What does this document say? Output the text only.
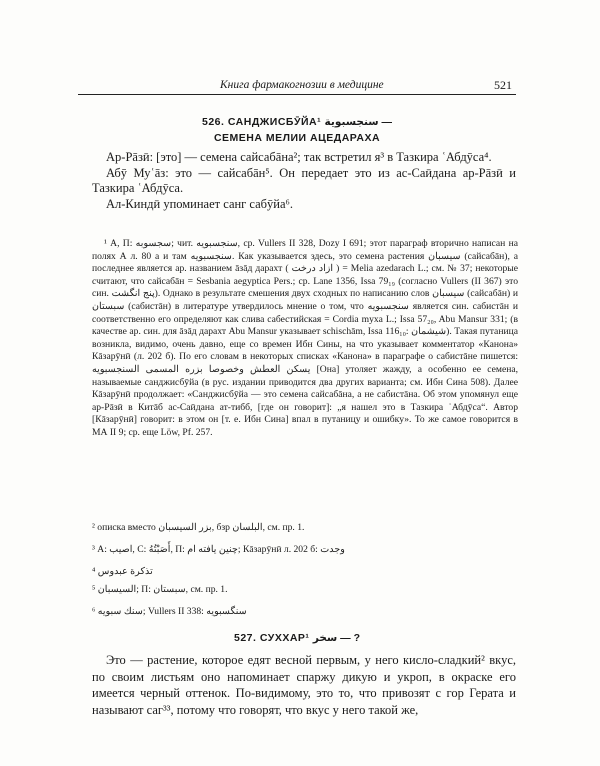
Книга фармакогнозии в медицине	521
526. САНДЖИСБӮЙА¹ سنجسبوية —
СЕМЕНА МЕЛИИ АЦЕДАРАХА

Ар-Рāзӣ: [это] — семена сайсабāна²; так встретил я³ в Тазкира ʿАбдӯса⁴.

Абӯ Муʿāз: это — сайсабāн⁵. Он передает это из ас-Саӣдана ар-Рāзӣ и Тазкира ʿАбдӯса.

Ал-Киндӣ упоминает санг сабӯйа⁶.

¹ А, П: سجسوبه; чит. سنجسبويه, ср. Vullers II 328, Dozy I 691; этот параграф вторично написан на полях А л. 80 а и там سنجسبويه. Как указывается здесь, это семена растения سيسبان (сайсабāн), а последнее является ар. названием āзāд дарахт ( ازاد درخت ) = Melia azedarach L.; см. № 37; некоторые считают, что сайсабāн = Sesbania aegyptica Pers.; ср. Lane 1356, Issa 79₁₉ (согласно Vullers (II 367) это син. پنج انگشت). Однако в результате смешения двух сходных по написанию слов سيسبان (сайсабāн) и سبستان (сабистāн) в литературе утвердилось мнение о том, что سنجسبويه является син. сабистāн и соответственно его определяют как слива сабестийская = Cordia myxa L.; Issa 57₂₀, Abu Mansur 331; (в качестве ар. син. для āзāд дарахт Abu Mansur указывает schischām, Issa 116₁₀: شيشمان). Такая путаница возникла, видимо, очень давно, еще со времен Ибн Сины, на что указывает комментатор «Канона» Кāзарӯнӣ (л. 202 б). По его словам в некоторых списках «Канона» в параграфе о сабистāне пишется: يسكن العطش وخصوصا بزره المسمى السنجسبويه [Она] утоляет жажду, а особенно ее семена, называемые санджисбӯйа (в рус. издании приводится два других варианта; см. Ибн Сина 508). Далее Кāзарӯнӣ продолжает: «Санджисбӯйа — это семена сайсабāна, а не сабистāна. Об этом упомянул еще ар-Рāзӣ в Китāб ас-Саӣдана ат-тибб, [где он говорит]: „я нашел это в Тазкира ʿАбдӯса“. Автор [Кāзарӯнӣ] говорит: в этом он [т. е. Ибн Сина] впал в путаницу и ошибку». То же самое говорится в МА II 9; ср. еще Löw, Pf. 257.

² описка вместо بزر السيسبان, бзр البلسان, см. пр. 1.
³ А: اصيب, С: أَصَبْتُهُ, П: چنين يافته ام; Кāзарӯнӣ л. 202 б: وجدت
⁴ تذكرة عبدوس
⁵ السيسبان; П: سبستان, см. пр. 1.
⁶ سنك سبويه; Vullers II 338: سنگسبويه
527. СУХХАР¹ سخر — ?

Это — растение, которое едят весной первым, у него кисло-сладкий² вкус, по своим листьям оно напоминает спаржу дикую и укроп, в окраске его имеется черный оттенок. По-видимому, это то, что привозят с гор Герата и называют саг³³, потому что говорят, что вкус у него такой же,
